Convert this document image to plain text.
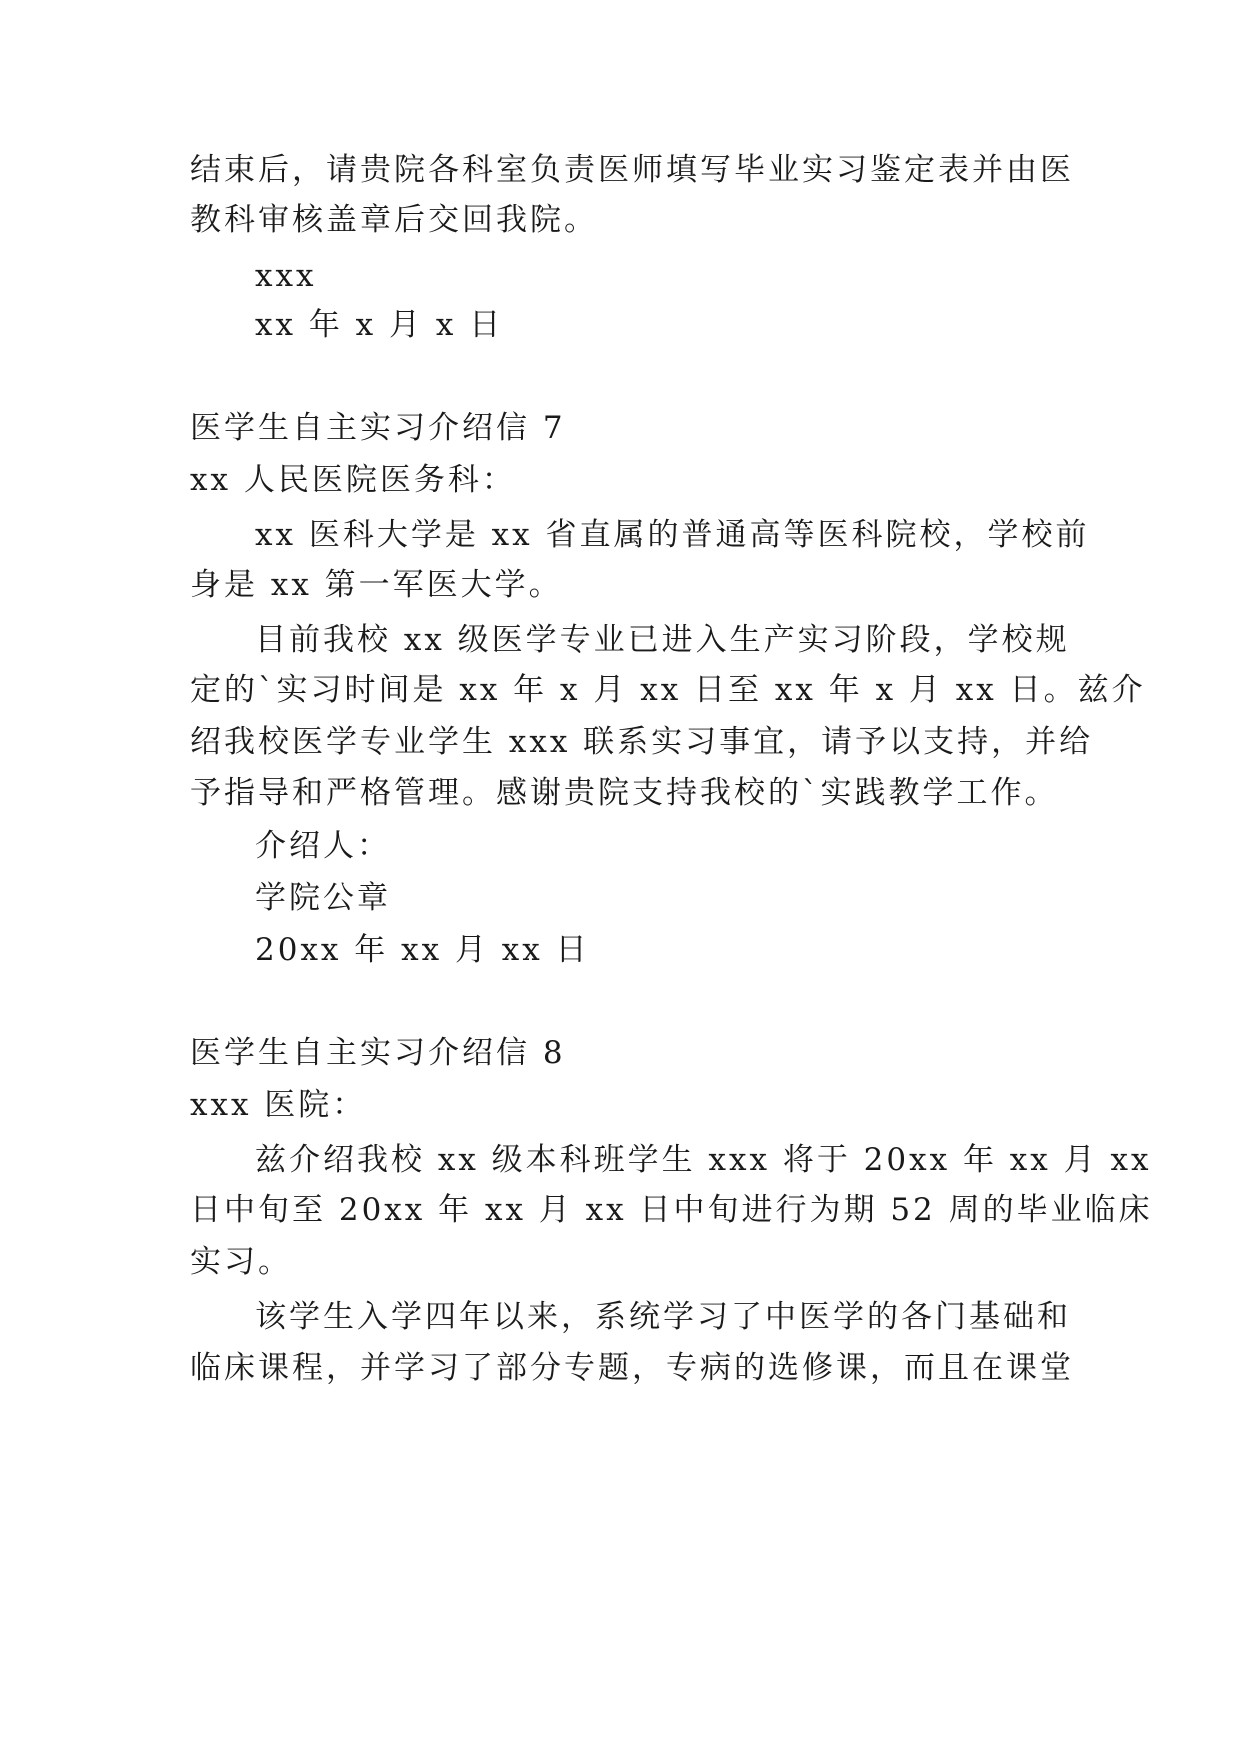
结束后，请贵院各科室负责医师填写毕业实习鉴定表并由医
教科审核盖章后交回我院。
xxx
xx 年 x 月 x 日
医学生自主实习介绍信 7
xx 人民医院医务科：
xx 医科大学是 xx 省直属的普通高等医科院校，学校前
身是 xx 第一军医大学。
目前我校 xx 级医学专业已进入生产实习阶段，学校规
定的`实习时间是 xx 年 x 月 xx 日至 xx 年 x 月 xx 日。兹介
绍我校医学专业学生 xxx 联系实习事宜，请予以支持，并给
予指导和严格管理。感谢贵院支持我校的`实践教学工作。
介绍人：
学院公章
20xx 年 xx 月 xx 日
医学生自主实习介绍信 8
xxx 医院：
兹介绍我校 xx 级本科班学生 xxx 将于 20xx 年 xx 月 xx
日中旬至 20xx 年 xx 月 xx 日中旬进行为期 52 周的毕业临床
实习。
该学生入学四年以来，系统学习了中医学的各门基础和
临床课程，并学习了部分专题，专病的选修课，而且在课堂
